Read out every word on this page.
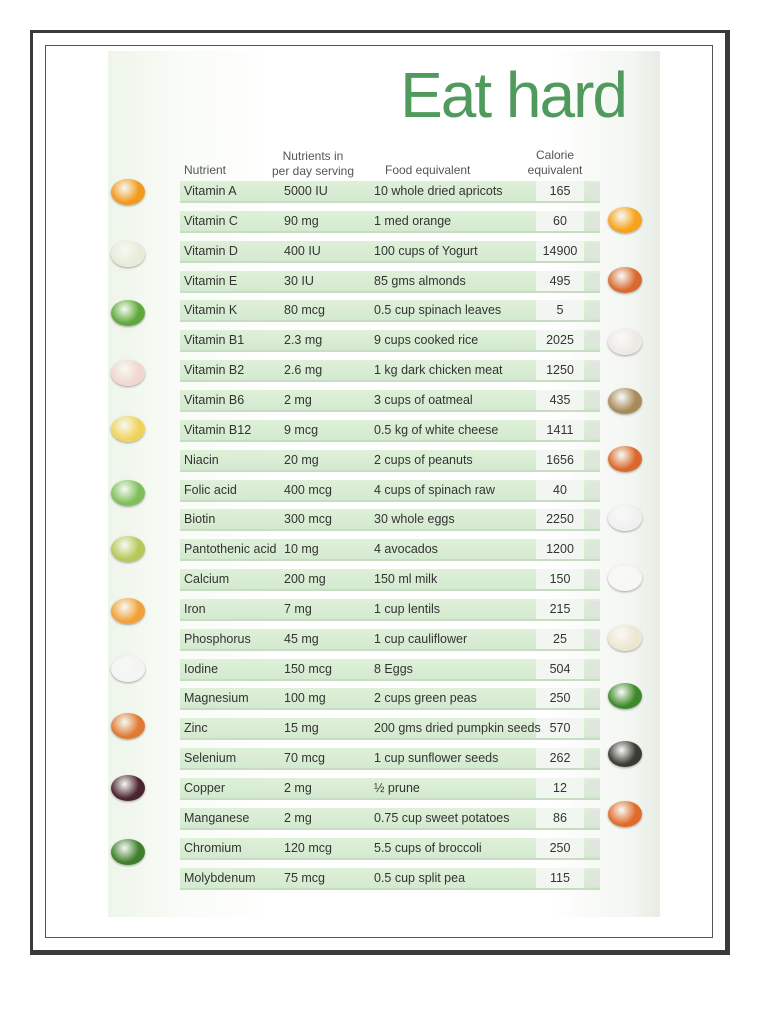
Eat hard
Nutrient
Nutrients in
per day serving	Food equivalent
Calorie
equivalent
Vitamin A	5000 IU	10 whole dried apricots	165
Vitamin C	90 mg	1 med orange	60
Vitamin D	400 IU	100 cups of Yogurt	14900
Vitamin E	30 IU	85 gms almonds	495
Vitamin K	80 mcg	0.5 cup spinach leaves	5
Vitamin B1	2.3 mg	9 cups cooked rice	2025
Vitamin B2	2.6 mg	1 kg dark chicken meat	1250
Vitamin B6	2 mg	3 cups of oatmeal	435
Vitamin B12	9 mcg	0.5 kg of white cheese	1411
Niacin	20 mg	2 cups of peanuts	1656
Folic acid	400 mcg	4 cups of spinach raw	40
Biotin	300 mcg	30 whole eggs	2250
Pantothenic acid 10 mg	4 avocados	1200
Calcium	200 mg	150 ml milk	150
Iron	7 mg	1 cup lentils	215
Phosphorus	45 mg	1 cup cauliflower	25
Iodine	150 mcg	8 Eggs	504
Magnesium	100 mg	2 cups green peas	250
Zinc	15 mg	200 gms dried pumpkin seeds 570
Selenium	70 mcg	1 cup sunflower seeds	262
Copper	2 mg	½ prune	12
Manganese	2 mg	0.75 cup sweet potatoes	86
Chromium	120 mcg	5.5 cups of broccoli	250
Molybdenum 75 mcg	0.5 cup split pea	115
